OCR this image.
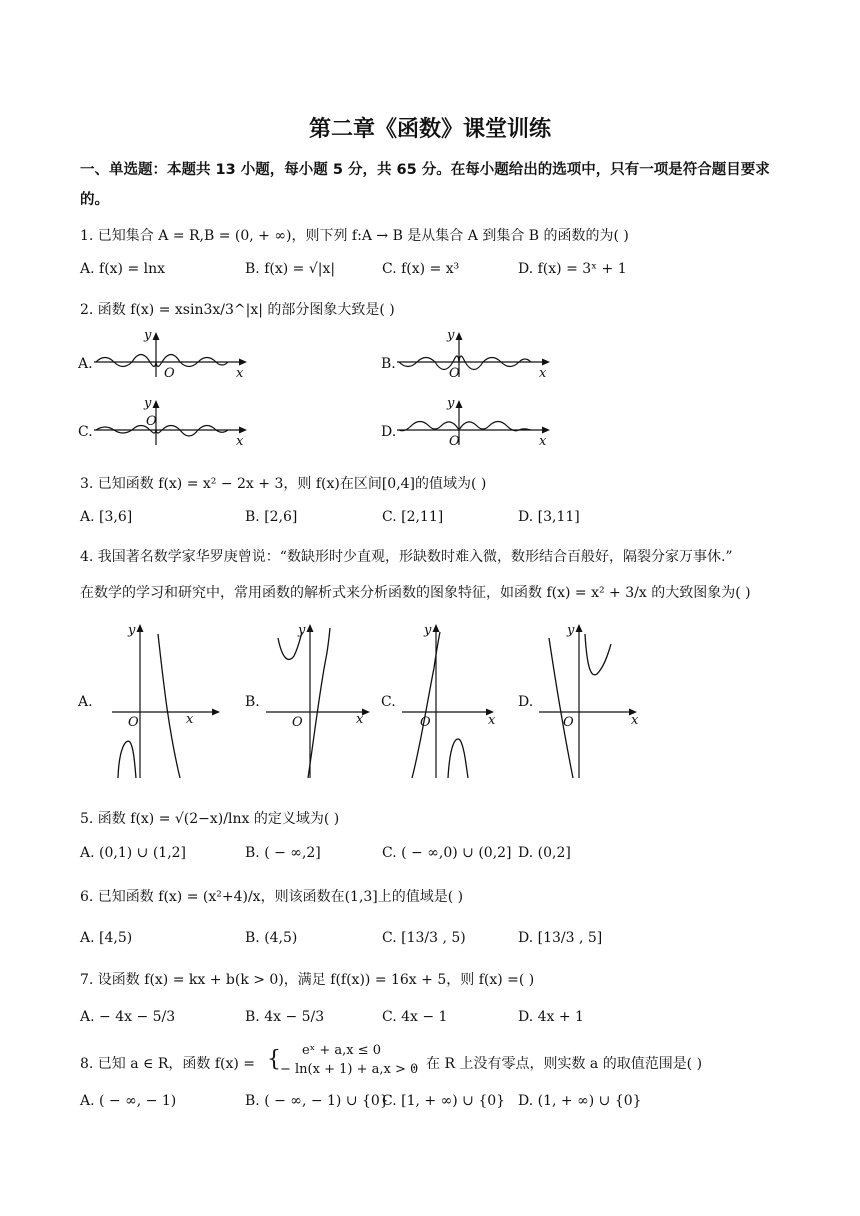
第二章《函数》课堂训练
一、单选题：本题共 13 小题，每小题 5 分，共 65 分。在每小题给出的选项中，只有一项是符合题目要求的。
1. 已知集合 A = R,B = (0, + ∞)，则下列 f:A → B 是从集合 A 到集合 B 的函数的为( )
A. f(x) = lnx	B. f(x) = √|x|	C. f(x) = x³	D. f(x) = 3ˣ + 1
2. 函数 f(x) = xsin3x/3^|x| 的部分图象大致是( )
A.
O	x
y
B.
O	x
y
C.
O
x
y
D.
O	x
y
3. 已知函数 f(x) = x² − 2x + 3，则 f(x)在区间[0,4]的值域为( )
A. [3,6]	B. [2,6]	C. [2,11]	D. [3,11]
4. 我国著名数学家华罗庚曾说：“数缺形时少直观，形缺数时难入微，数形结合百般好，隔裂分家万事休.”
在数学的学习和研究中，常用函数的解析式来分析函数的图象特征，如函数 f(x) = x² + 3/x 的大致图象为( )
A.
O	x
y
B.
O	x
y
C.
O	x
y
D.
O	x
y
5. 函数 f(x) = √(2−x)/lnx 的定义域为( )
A. (0,1) ∪ (1,2]	B. ( − ∞,2]	C. ( − ∞,0) ∪ (0,2] D. (0,2]
6. 已知函数 f(x) = (x²+4)/x，则该函数在(1,3]上的值域是( )
A. [4,5)	B. (4,5)	C. [13/3 , 5)	D. [13/3 , 5]
7. 设函数 f(x) = kx + b(k > 0)，满足 f(f(x)) = 16x + 5，则 f(x) =( )
A. − 4x − 5/3	B. 4x − 5/3	C. 4x − 1	D. 4x + 1
8. 已知 a ∈ R，函数 f(x) = { eˣ + a,x ≤ 0
− ln(x + 1) + a,x > 0
，在 R 上没有零点，则实数 a 的取值范围是( )
A. ( − ∞, − 1)	B. ( − ∞, − 1) ∪ {0}
C. [1, + ∞) ∪ {0} D. (1, + ∞) ∪ {0}
